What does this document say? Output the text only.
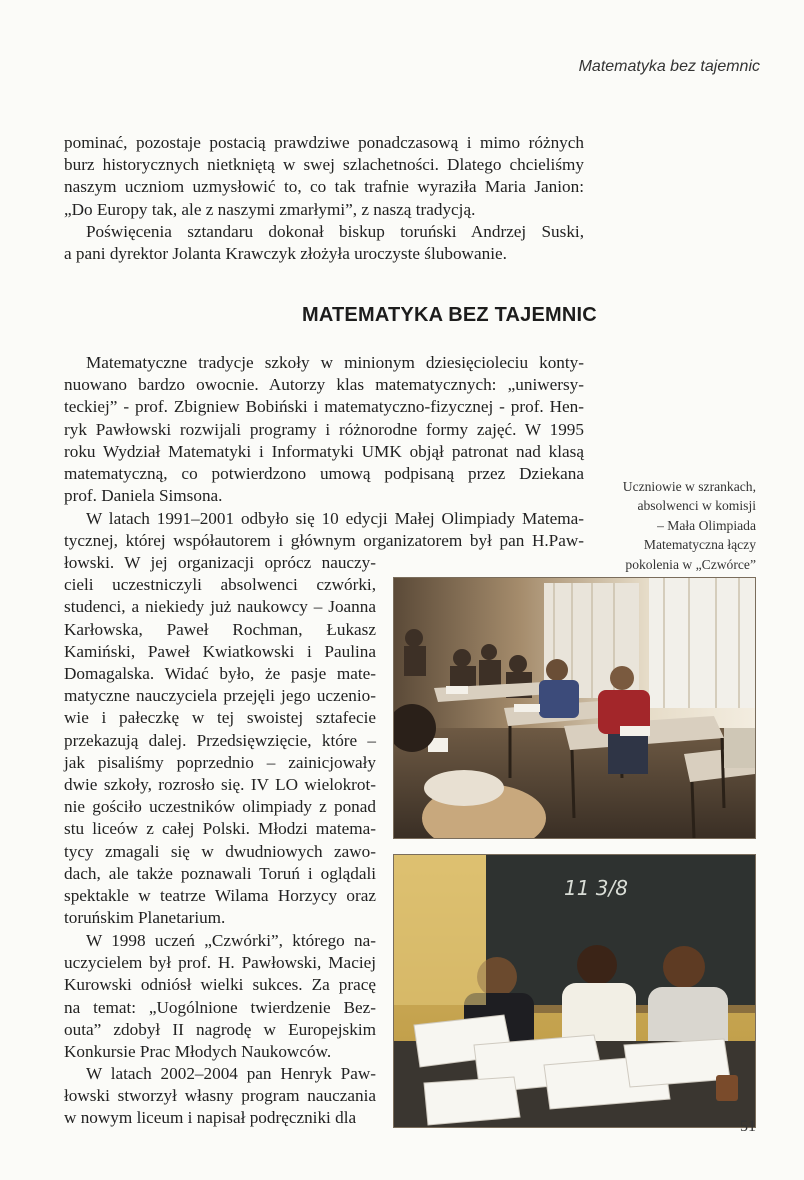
Matematyka bez tajemnic

pominać, pozostaje postacią prawdziwe ponadczasową i mimo różnych
burz historycznych nietkniętą w swej szlachetności. Dlatego chcieliśmy
naszym uczniom uzmysłowić to, co tak trafnie wyraziła Maria Janion:
„Do Europy tak, ale z naszymi zmarłymi”, z naszą tradycją.

Poświęcenia sztandaru dokonał biskup toruński Andrzej Suski,
a pani dyrektor Jolanta Krawczyk złożyła uroczyste ślubowanie.

MATEMATYKA BEZ TAJEMNIC

Matematyczne tradycje szkoły w minionym dziesięcioleciu konty-
nuowano bardzo owocnie. Autorzy klas matematycznych: „uniwersy-
teckiej” - prof. Zbigniew Bobiński i matematyczno-fizycznej - prof. Hen-
ryk Pawłowski rozwijali programy i różnorodne formy zajęć. W 1995
roku Wydział Matematyki i Informatyki UMK objął patronat nad klasą
matematyczną, co potwierdzono umową podpisaną przez Dziekana
prof. Daniela Simsona.

W latach 1991–2001 odbyło się 10 edycji Małej Olimpiady Matema-
tycznej, której współautorem i głównym organizatorem był pan H.Paw-

łowski. W jej organizacji oprócz nauczy-
cieli uczestniczyli absolwenci czwórki,
studenci, a niekiedy już naukowcy – Joanna
Karłowska, Paweł Rochman, Łukasz
Kamiński, Paweł Kwiatkowski i Paulina
Domagalska. Widać było, że pasje mate-
matyczne nauczyciela przejęli jego uczenio-
wie i pałeczkę w tej swoistej sztafecie
przekazują dalej. Przedsięwzięcie, które –
jak pisaliśmy poprzednio – zainicjowały
dwie szkoły, rozrosło się. IV LO wielokrot-
nie gościło uczestników olimpiady z ponad
stu liceów z całej Polski. Młodzi matema-
tycy zmagali się w dwudniowych zawo-
dach, ale także poznawali Toruń i oglądali
spektakle w teatrze Wilama Horzycy oraz
toruńskim Planetarium.

W 1998 uczeń „Czwórki”, którego na-
uczycielem był prof. H. Pawłowski, Maciej
Kurowski odniósł wielki sukces. Za pracę
na temat: „Uogólnione twierdzenie Bez-
outa” zdobył II nagrodę w Europejskim
Konkursie Prac Młodych Naukowców.

W latach 2002–2004 pan Henryk Paw-
łowski stworzył własny program nauczania
w nowym liceum i napisał podręczniki dla

Uczniowie w szrankach,
absolwenci w komisji
– Mała Olimpiada
Matematyczna łączy
pokolenia w „Czwórce”
11 3/8
51
